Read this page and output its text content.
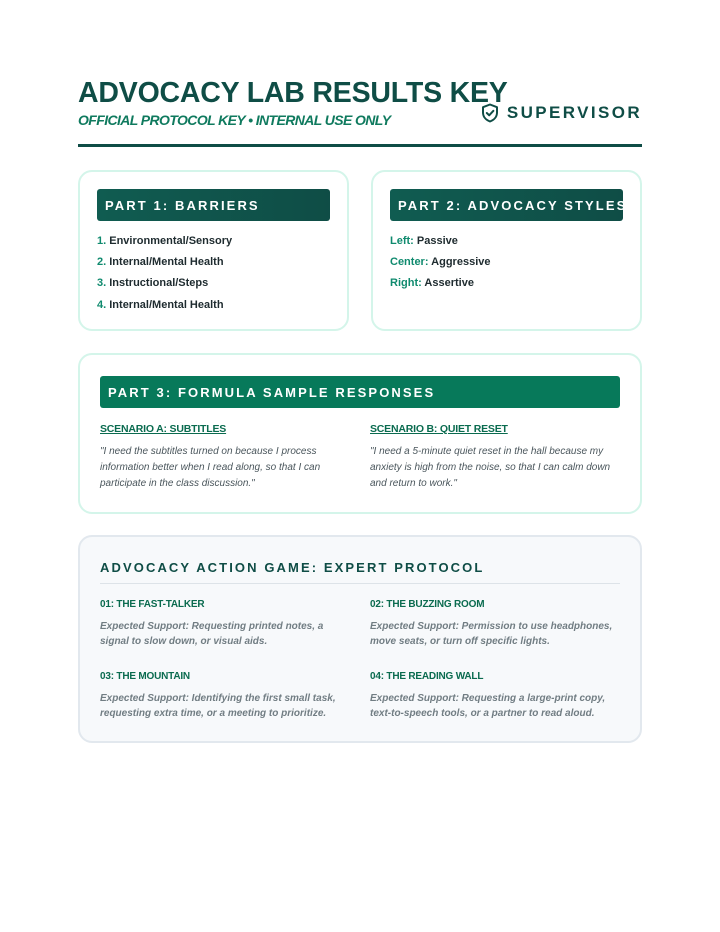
ADVOCACY LAB RESULTS KEY
OFFICIAL PROTOCOL KEY • INTERNAL USE ONLY	SUPERVISOR
PART 1: BARRIERS
1. Environmental/Sensory
2. Internal/Mental Health
3. Instructional/Steps
4. Internal/Mental Health
PART 2: ADVOCACY STYLES
Left: Passive
Center: Aggressive
Right: Assertive
PART 3: FORMULA SAMPLE RESPONSES
SCENARIO A: SUBTITLES
"I need the subtitles turned on because I process information better when I read along, so that I can participate in the class discussion."
SCENARIO B: QUIET RESET
"I need a 5-minute quiet reset in the hall because my anxiety is high from the noise, so that I can calm down and return to work."
ADVOCACY ACTION GAME: EXPERT PROTOCOL
01: THE FAST-TALKER
Expected Support: Requesting printed notes, a signal to slow down, or visual aids.
02: THE BUZZING ROOM
Expected Support: Permission to use headphones, move seats, or turn off specific lights.
03: THE MOUNTAIN
Expected Support: Identifying the first small task, requesting extra time, or a meeting to prioritize.
04: THE READING WALL
Expected Support: Requesting a large-print copy, text-to-speech tools, or a partner to read aloud.
